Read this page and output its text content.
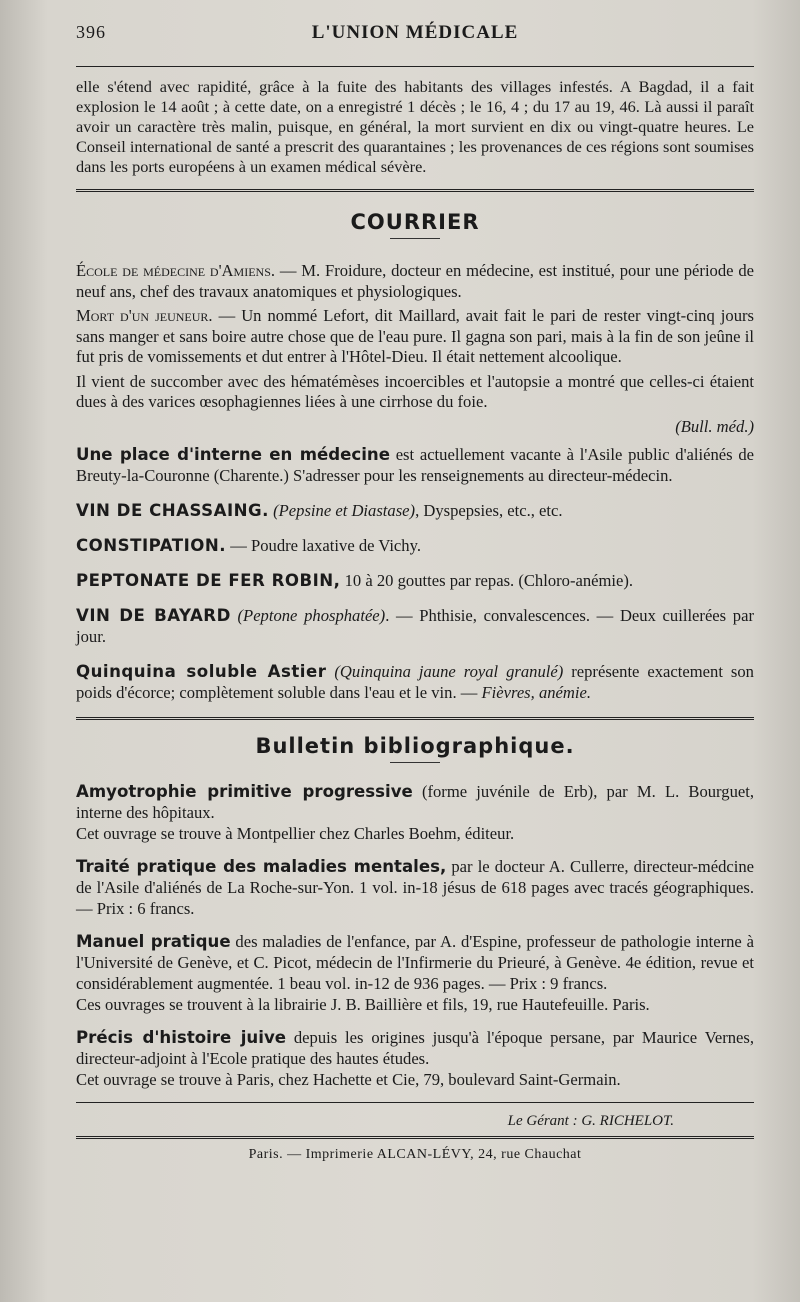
396	L'UNION MÉDICALE

elle s'étend avec rapidité, grâce à la fuite des habitants des villages infestés. A Bagdad, il a fait explosion le 14 août ; à cette date, on a enregistré 1 décès ; le 16, 4 ; du 17 au 19, 46. Là aussi il paraît avoir un caractère très malin, puisque, en général, la mort survient en dix ou vingt-quatre heures. Le Conseil international de santé a prescrit des quarantaines ; les provenances de ces régions sont soumises dans les ports européens à un examen médical sévère.

COURRIER

École de médecine d'Amiens. — M. Froidure, docteur en médecine, est institué, pour une période de neuf ans, chef des travaux anatomiques et physiologiques.

Mort d'un jeuneur. — Un nommé Lefort, dit Maillard, avait fait le pari de rester vingt-cinq jours sans manger et sans boire autre chose que de l'eau pure. Il gagna son pari, mais à la fin de son jeûne il fut pris de vomissements et dut entrer à l'Hôtel-Dieu. Il était nettement alcoolique.

Il vient de succomber avec des hématémèses incoercibles et l'autopsie a montré que celles-ci étaient dues à des varices œsophagiennes liées à une cirrhose du foie.

(Bull. méd.)

Une place d'interne en médecine est actuellement vacante à l'Asile public d'aliénés de Breuty-la-Couronne (Charente.) S'adresser pour les renseignements au directeur-médecin.

VIN DE CHASSAING. (Pepsine et Diastase), Dyspepsies, etc., etc.

CONSTIPATION. — Poudre laxative de Vichy.

PEPTONATE DE FER ROBIN, 10 à 20 gouttes par repas. (Chloro-anémie).

VIN DE BAYARD (Peptone phosphatée). — Phthisie, convalescences. — Deux cuillerées par jour.

Quinquina soluble Astier (Quinquina jaune royal granulé) représente exactement son poids d'écorce; complètement soluble dans l'eau et le vin. — Fièvres, anémie.

Bulletin bibliographique.

Amyotrophie primitive progressive (forme juvénile de Erb), par M. L. Bourguet, interne des hôpitaux.
Cet ouvrage se trouve à Montpellier chez Charles Boehm, éditeur.

Traité pratique des maladies mentales, par le docteur A. Cullerre, directeur-médcine de l'Asile d'aliénés de La Roche-sur-Yon. 1 vol. in-18 jésus de 618 pages avec tracés géographiques. — Prix : 6 francs.

Manuel pratique des maladies de l'enfance, par A. d'Espine, professeur de pathologie interne à l'Université de Genève, et C. Picot, médecin de l'Infirmerie du Prieuré, à Genève. 4e édition, revue et considérablement augmentée. 1 beau vol. in-12 de 936 pages. — Prix : 9 francs.
Ces ouvrages se trouvent à la librairie J. B. Baillière et fils, 19, rue Hautefeuille. Paris.

Précis d'histoire juive depuis les origines jusqu'à l'époque persane, par Maurice Vernes, directeur-adjoint à l'Ecole pratique des hautes études.
Cet ouvrage se trouve à Paris, chez Hachette et Cie, 79, boulevard Saint-Germain.

Le Gérant : G. RICHELOT.
Paris. — Imprimerie ALCAN-LÉVY, 24, rue Chauchat
